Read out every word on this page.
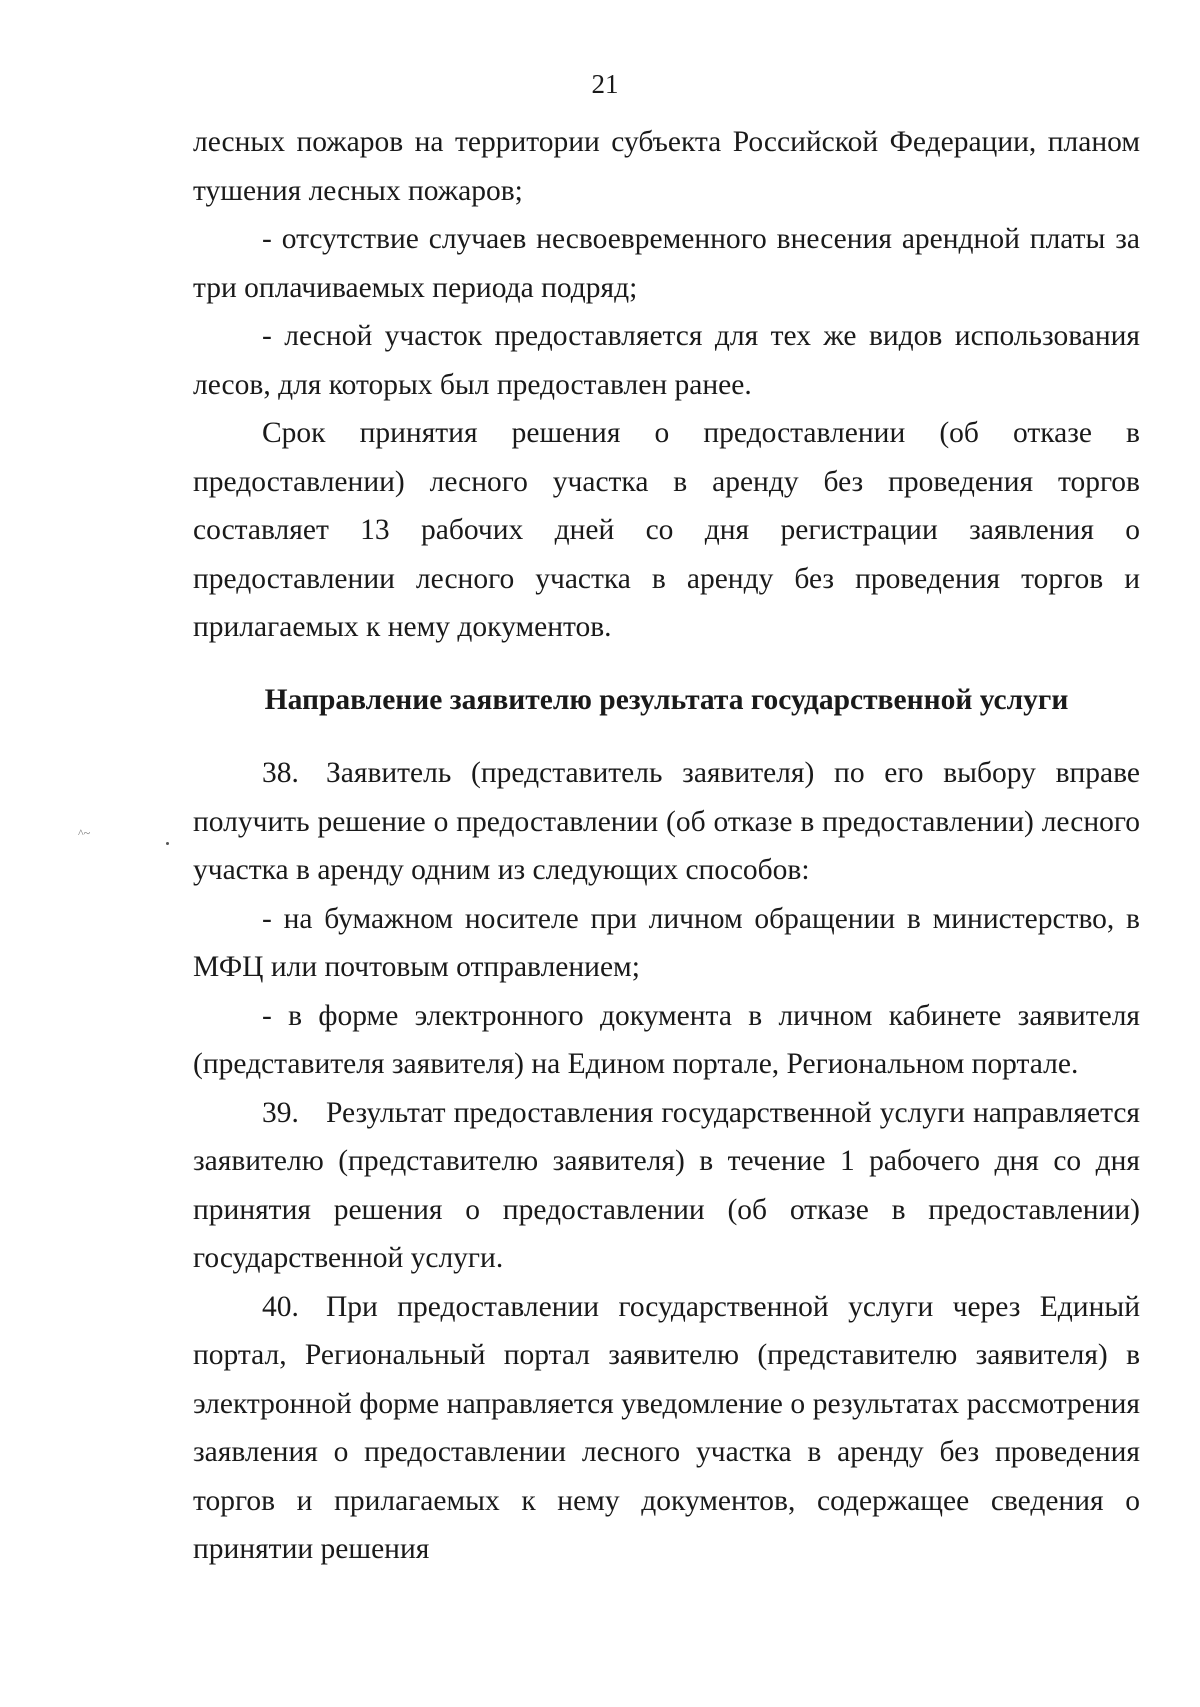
21

лесных пожаров на территории субъекта Российской Федерации, планом тушения лесных пожаров;

- отсутствие случаев несвоевременного внесения арендной платы за три оплачиваемых периода подряд;

- лесной участок предоставляется для тех же видов использования лесов, для которых был предоставлен ранее.

Срок принятия решения о предоставлении (об отказе в предоставлении) лесного участка в аренду без проведения торгов составляет 13 рабочих дней со дня регистрации заявления о предоставлении лесного участка в аренду без проведения торгов и прилагаемых к нему документов.

Направление заявителю результата государственной услуги

38. Заявитель (представитель заявителя) по его выбору вправе получить решение о предоставлении (об отказе в предоставлении) лесного участка в аренду одним из следующих способов:

- на бумажном носителе при личном обращении в министерство, в МФЦ или почтовым отправлением;

- в форме электронного документа в личном кабинете заявителя (представителя заявителя) на Едином портале, Региональном портале.

39. Результат предоставления государственной услуги направляется заявителю (представителю заявителя) в течение 1 рабочего дня со дня принятия решения о предоставлении (об отказе в предоставлении) государственной услуги.

40. При предоставлении государственной услуги через Единый портал, Региональный портал заявителю (представителю заявителя) в электронной форме направляется уведомление о результатах рассмотрения заявления о предоставлении лесного участка в аренду без проведения торгов и прилагаемых к нему документов, содержащее сведения о принятии решения

^~
